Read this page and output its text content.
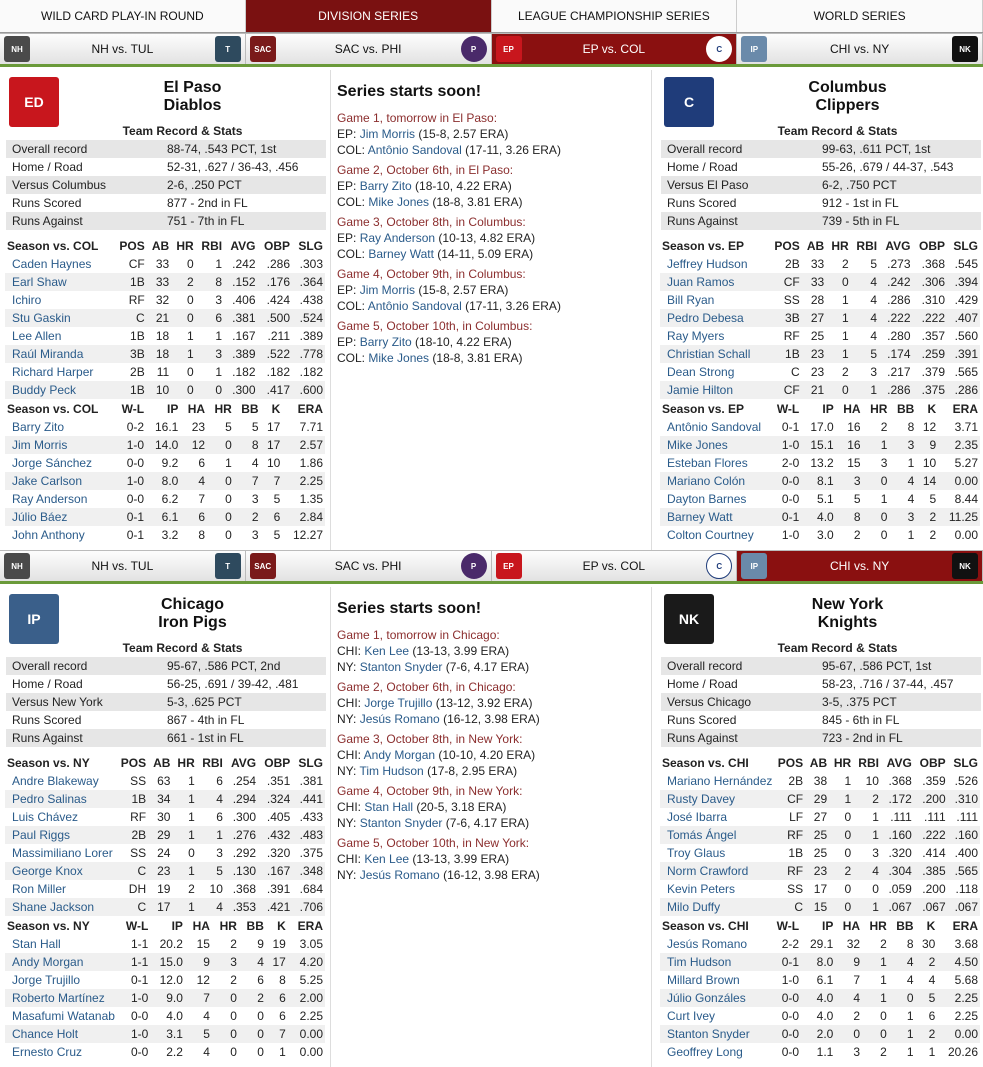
WILD CARD PLAY-IN ROUND	DIVISION SERIES	LEAGUE CHAMPIONSHIP SERIES	WORLD SERIES
NH	NH vs. TUL	T	SAC	SAC vs. PHI	P	EP	EP vs. COL	C	IP	CHI vs. NY	NK
ED
El Paso
Diablos
Team Record & Stats
Overall record	88-74, .543 PCT, 1st
Home / Road	52-31, .627 / 36-43, .456
Versus Columbus	2-6, .250 PCT
Runs Scored	877 - 2nd in FL
Runs Against	751 - 7th in FL
Season vs. COL	POS	AB	HR	RBI	AVG	OBP	SLG
Caden Haynes	CF	33	0	1	.242	.286	.303
Earl Shaw	1B	33	2	8	.152	.176	.364
Ichiro	RF	32	0	3	.406	.424	.438
Stu Gaskin	C	21	0	6	.381	.500	.524
Lee Allen	1B	18	1	1	.167	.211	.389
Raúl Miranda	3B	18	1	3	.389	.522	.778
Richard Harper	2B	11	0	1	.182	.182	.182
Buddy Peck	1B	10	0	0	.300	.417	.600
Season vs. COL	W-L	IP	HA	HR	BB	K	ERA
Barry Zito	0-2	16.1	23	5	5	17	7.71
Jim Morris	1-0	14.0	12	0	8	17	2.57
Jorge Sánchez	0-0	9.2	6	1	4	10	1.86
Jake Carlson	1-0	8.0	4	0	7	7	2.25
Ray Anderson	0-0	6.2	7	0	3	5	1.35
Júlio Báez	0-1	6.1	6	0	2	6	2.84
John Anthony	0-1	3.2	8	0	3	5	12.27
Series starts soon!
Game 1, tomorrow in El Paso:
EP: Jim Morris (15-8, 2.57 ERA)
COL: Antônio Sandoval (17-11, 3.26 ERA)
Game 2, October 6th, in El Paso:
EP: Barry Zito (18-10, 4.22 ERA)
COL: Mike Jones (18-8, 3.81 ERA)
Game 3, October 8th, in Columbus:
EP: Ray Anderson (10-13, 4.82 ERA)
COL: Barney Watt (14-11, 5.09 ERA)
Game 4, October 9th, in Columbus:
EP: Jim Morris (15-8, 2.57 ERA)
COL: Antônio Sandoval (17-11, 3.26 ERA)
Game 5, October 10th, in Columbus:
EP: Barry Zito (18-10, 4.22 ERA)
COL: Mike Jones (18-8, 3.81 ERA)
C
Columbus
Clippers
Team Record & Stats
Overall record	99-63, .611 PCT, 1st
Home / Road	55-26, .679 / 44-37, .543
Versus El Paso	6-2, .750 PCT
Runs Scored	912 - 1st in FL
Runs Against	739 - 5th in FL
Season vs. EP	POS	AB	HR	RBI	AVG	OBP	SLG
Jeffrey Hudson	2B	33	2	5	.273	.368	.545
Juan Ramos	CF	33	0	4	.242	.306	.394
Bill Ryan	SS	28	1	4	.286	.310	.429
Pedro Debesa	3B	27	1	4	.222	.222	.407
Ray Myers	RF	25	1	4	.280	.357	.560
Christian Schall	1B	23	1	5	.174	.259	.391
Dean Strong	C	23	2	3	.217	.379	.565
Jamie Hilton	CF	21	0	1	.286	.375	.286
Season vs. EP	W-L	IP	HA	HR	BB	K	ERA
Antônio Sandoval	0-1	17.0	16	2	8	12	3.71
Mike Jones	1-0	15.1	16	1	3	9	2.35
Esteban Flores	2-0	13.2	15	3	1	10	5.27
Mariano Colón	0-0	8.1	3	0	4	14	0.00
Dayton Barnes	0-0	5.1	5	1	4	5	8.44
Barney Watt	0-1	4.0	8	0	3	2	11.25
Colton Courtney	1-0	3.0	2	0	1	2	0.00
NH	NH vs. TUL	T	SAC	SAC vs. PHI	P	EP	EP vs. COL	C	IP	CHI vs. NY	NK
IP
Chicago
Iron Pigs
Team Record & Stats
Overall record	95-67, .586 PCT, 2nd
Home / Road	56-25, .691 / 39-42, .481
Versus New York	5-3, .625 PCT
Runs Scored	867 - 4th in FL
Runs Against	661 - 1st in FL
Season vs. NY	POS	AB	HR	RBI	AVG	OBP	SLG
Andre Blakeway	SS	63	1	6	.254	.351	.381
Pedro Salinas	1B	34	1	4	.294	.324	.441
Luis Chávez	RF	30	1	6	.300	.405	.433
Paul Riggs	2B	29	1	1	.276	.432	.483
Massimiliano Lorer	SS	24	0	3	.292	.320	.375
George Knox	C	23	1	5	.130	.167	.348
Ron Miller	DH	19	2	10	.368	.391	.684
Shane Jackson	C	17	1	4	.353	.421	.706
Season vs. NY	W-L	IP	HA	HR	BB	K	ERA
Stan Hall	1-1	20.2	15	2	9	19	3.05
Andy Morgan	1-1	15.0	9	3	4	17	4.20
Jorge Trujillo	0-1	12.0	12	2	6	8	5.25
Roberto Martínez	1-0	9.0	7	0	2	6	2.00
Masafumi Watanab	0-0	4.0	4	0	0	6	2.25
Chance Holt	1-0	3.1	5	0	0	7	0.00
Ernesto Cruz	0-0	2.2	4	0	0	1	0.00
Series starts soon!
Game 1, tomorrow in Chicago:
CHI: Ken Lee (13-13, 3.99 ERA)
NY: Stanton Snyder (7-6, 4.17 ERA)
Game 2, October 6th, in Chicago:
CHI: Jorge Trujillo (13-12, 3.92 ERA)
NY: Jesús Romano (16-12, 3.98 ERA)
Game 3, October 8th, in New York:
CHI: Andy Morgan (10-10, 4.20 ERA)
NY: Tim Hudson (17-8, 2.95 ERA)
Game 4, October 9th, in New York:
CHI: Stan Hall (20-5, 3.18 ERA)
NY: Stanton Snyder (7-6, 4.17 ERA)
Game 5, October 10th, in New York:
CHI: Ken Lee (13-13, 3.99 ERA)
NY: Jesús Romano (16-12, 3.98 ERA)
NK
New York
Knights
Team Record & Stats
Overall record	95-67, .586 PCT, 1st
Home / Road	58-23, .716 / 37-44, .457
Versus Chicago	3-5, .375 PCT
Runs Scored	845 - 6th in FL
Runs Against	723 - 2nd in FL
Season vs. CHI	POS	AB	HR	RBI	AVG	OBP	SLG
Mariano Hernández	2B	38	1	10	.368	.359	.526
Rusty Davey	CF	29	1	2	.172	.200	.310
José Ibarra	LF	27	0	1	.111	.111	.111
Tomás Ángel	RF	25	0	1	.160	.222	.160
Troy Glaus	1B	25	0	3	.320	.414	.400
Norm Crawford	RF	23	2	4	.304	.385	.565
Kevin Peters	SS	17	0	0	.059	.200	.118
Milo Duffy	C	15	0	1	.067	.067	.067
Season vs. CHI	W-L	IP	HA	HR	BB	K	ERA
Jesús Romano	2-2	29.1	32	2	8	30	3.68
Tim Hudson	0-1	8.0	9	1	4	2	4.50
Millard Brown	1-0	6.1	7	1	4	4	5.68
Júlio Gonzáles	0-0	4.0	4	1	0	5	2.25
Curt Ivey	0-0	4.0	2	0	1	6	2.25
Stanton Snyder	0-0	2.0	0	0	1	2	0.00
Geoffrey Long	0-0	1.1	3	2	1	1	20.26
